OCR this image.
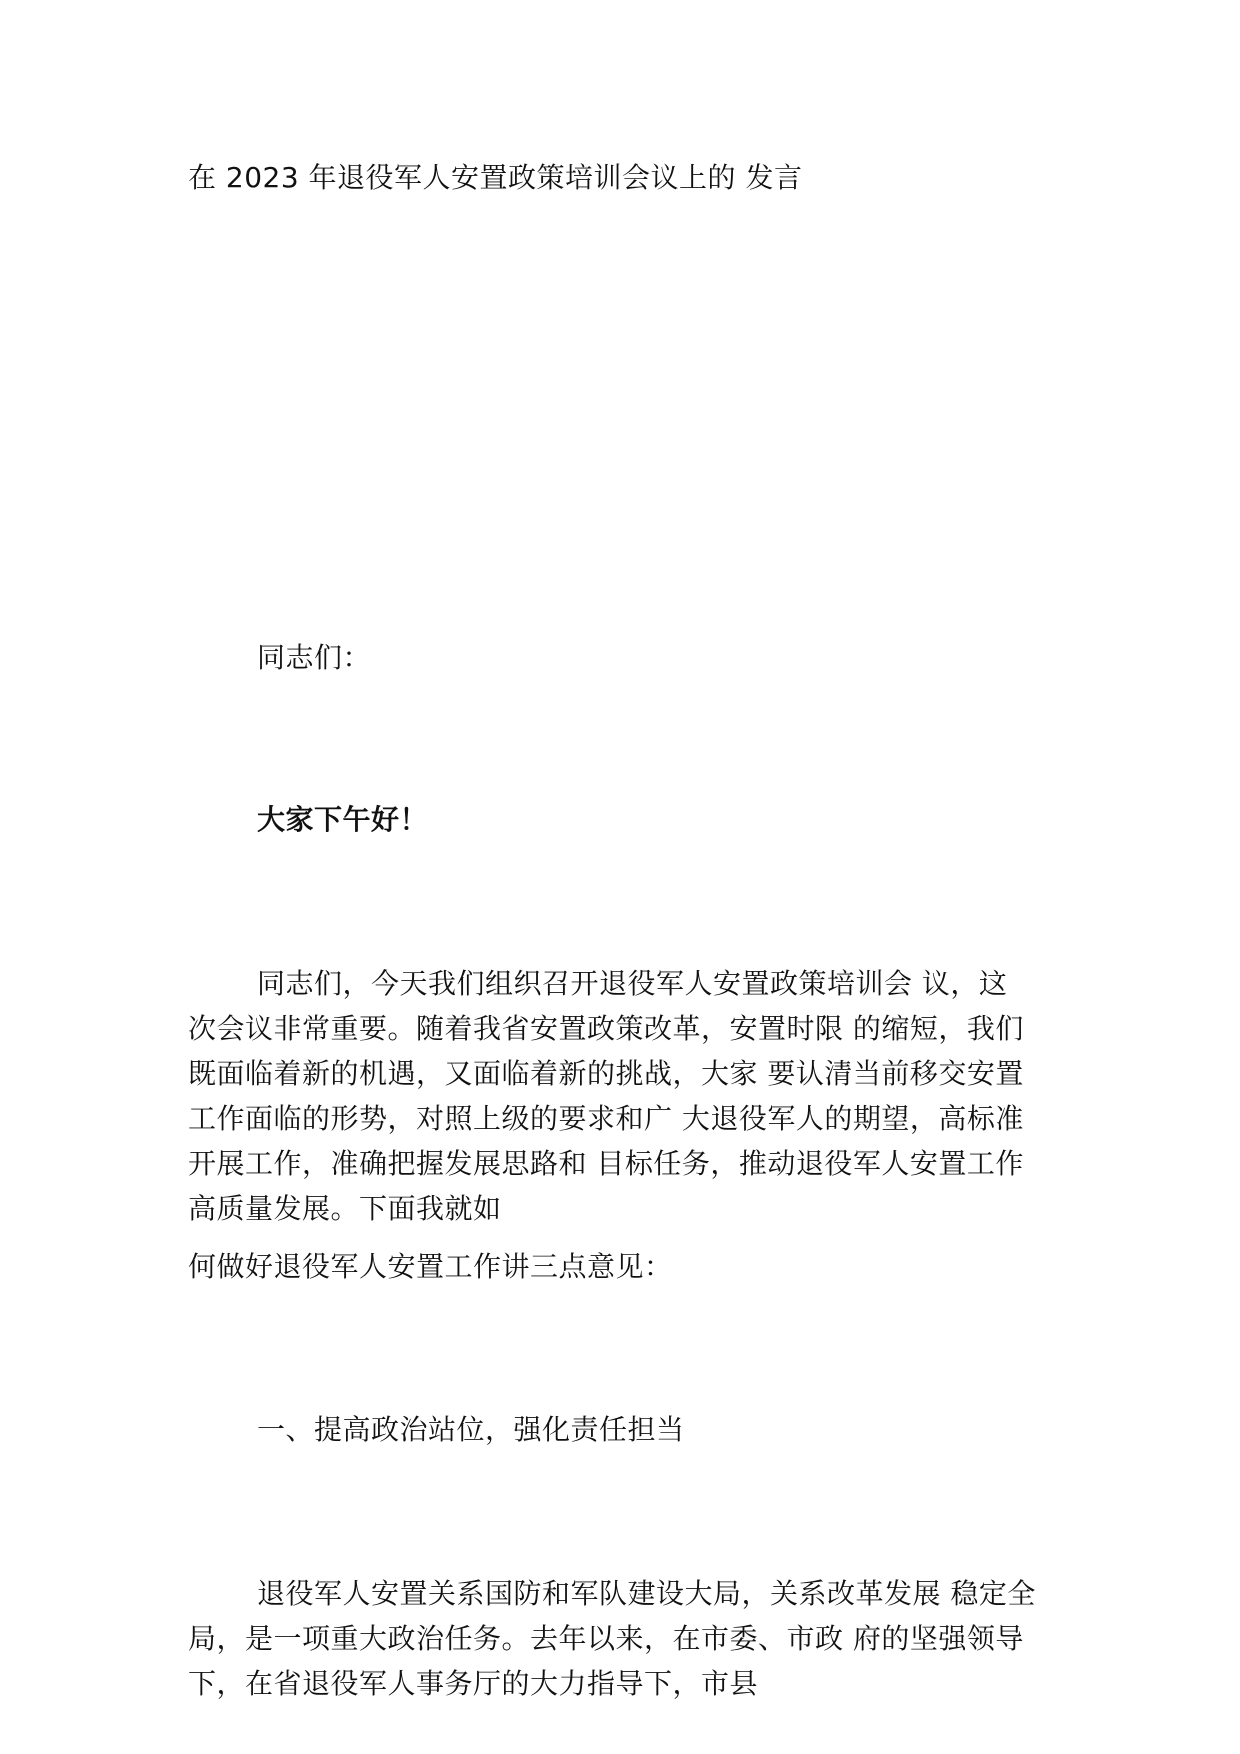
在 2023 年退役军人安置政策培训会议上的 发言
同志们：
大家下午好！
同志们，今天我们组织召开退役军人安置政策培训会 议，这
次会议非常重要。随着我省安置政策改革，安置时限 的缩短，我们
既面临着新的机遇，又面临着新的挑战，大家 要认清当前移交安置
工作面临的形势，对照上级的要求和广 大退役军人的期望，高标准
开展工作，准确把握发展思路和 目标任务，推动退役军人安置工作
高质量发展。下面我就如
何做好退役军人安置工作讲三点意见：
一、提高政治站位，强化责任担当
退役军人安置关系国防和军队建设大局，关系改革发展 稳定全
局，是一项重大政治任务。去年以来，在市委、市政 府的坚强领导
下，在省退役军人事务厅的大力指导下，市县
